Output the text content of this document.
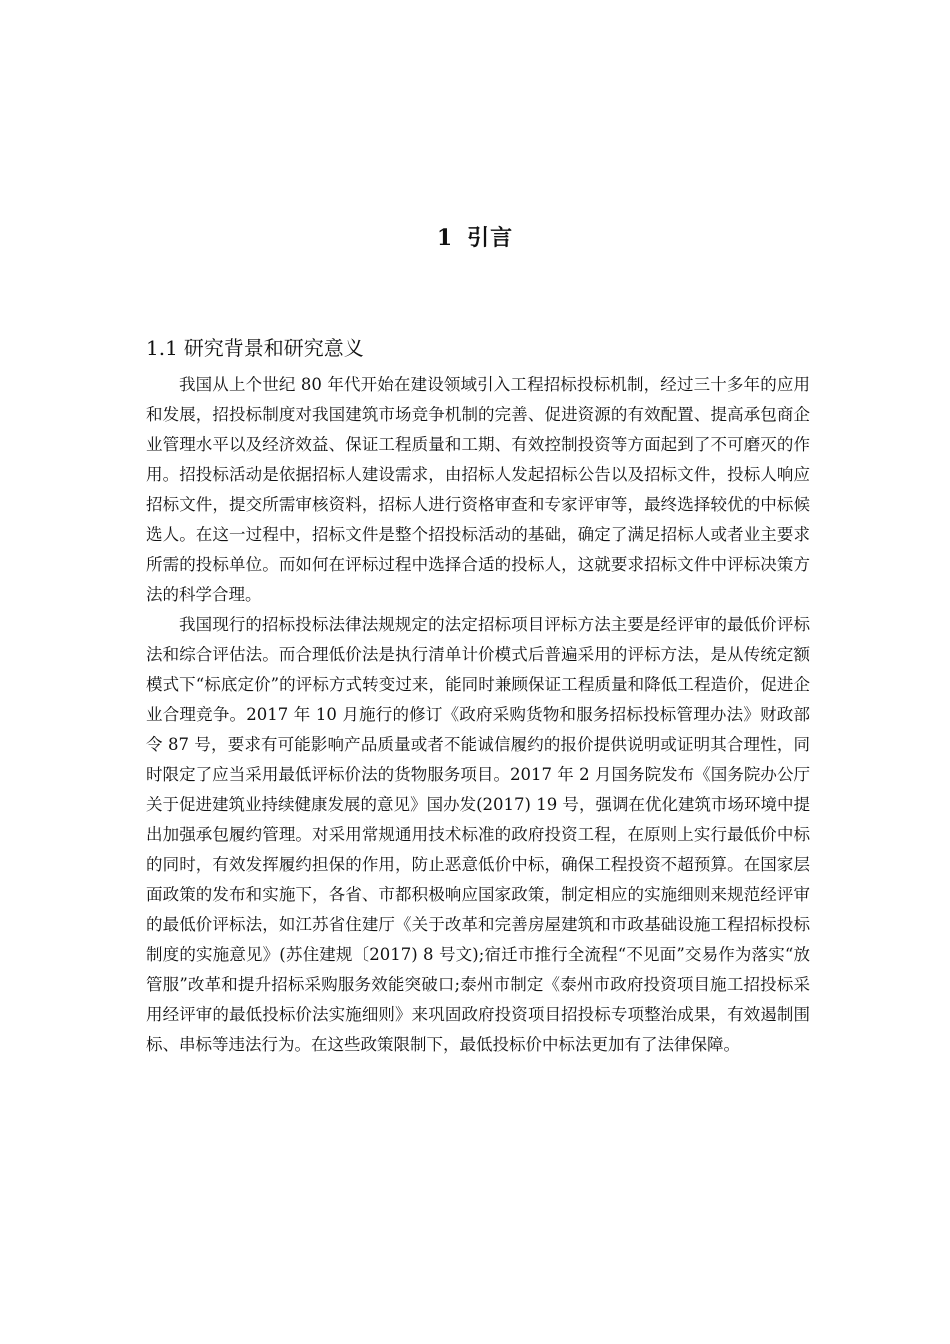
1 引言
1.1 研究背景和研究意义

我国从上个世纪 80 年代开始在建设领域引入工程招标投标机制，经过三十多年的应用和发展，招投标制度对我国建筑市场竞争机制的完善、促进资源的有效配置、提高承包商企业管理水平以及经济效益、保证工程质量和工期、有效控制投资等方面起到了不可磨灭的作用。招投标活动是依据招标人建设需求，由招标人发起招标公告以及招标文件，投标人响应招标文件，提交所需审核资料，招标人进行资格审查和专家评审等，最终选择较优的中标候选人。在这一过程中，招标文件是整个招投标活动的基础，确定了满足招标人或者业主要求所需的投标单位。而如何在评标过程中选择合适的投标人，这就要求招标文件中评标决策方法的科学合理。

我国现行的招标投标法律法规规定的法定招标项目评标方法主要是经评审的最低价评标法和综合评估法。而合理低价法是执行清单计价模式后普遍采用的评标方法，是从传统定额模式下“标底定价”的评标方式转变过来，能同时兼顾保证工程质量和降低工程造价，促进企业合理竞争。2017 年 10 月施行的修订《政府采购货物和服务招标投标管理办法》财政部令 87 号，要求有可能影响产品质量或者不能诚信履约的报价提供说明或证明其合理性，同时限定了应当采用最低评标价法的货物服务项目。2017 年 2 月国务院发布《国务院办公厅关于促进建筑业持续健康发展的意见》国办发(2017) 19 号，强调在优化建筑市场环境中提出加强承包履约管理。对采用常规通用技术标准的政府投资工程，在原则上实行最低价中标的同时，有效发挥履约担保的作用，防止恶意低价中标，确保工程投资不超预算。在国家层面政策的发布和实施下，各省、市都积极响应国家政策，制定相应的实施细则来规范经评审的最低价评标法，如江苏省住建厅《关于改革和完善房屋建筑和市政基础设施工程招标投标制度的实施意见》(苏住建规〔2017) 8 号文);宿迁市推行全流程“不见面”交易作为落实“放管服”改革和提升招标采购服务效能突破口;泰州市制定《泰州市政府投资项目施工招投标采用经评审的最低投标价法实施细则》来巩固政府投资项目招投标专项整治成果，有效遏制围标、串标等违法行为。在这些政策限制下，最低投标价中标法更加有了法律保障。
